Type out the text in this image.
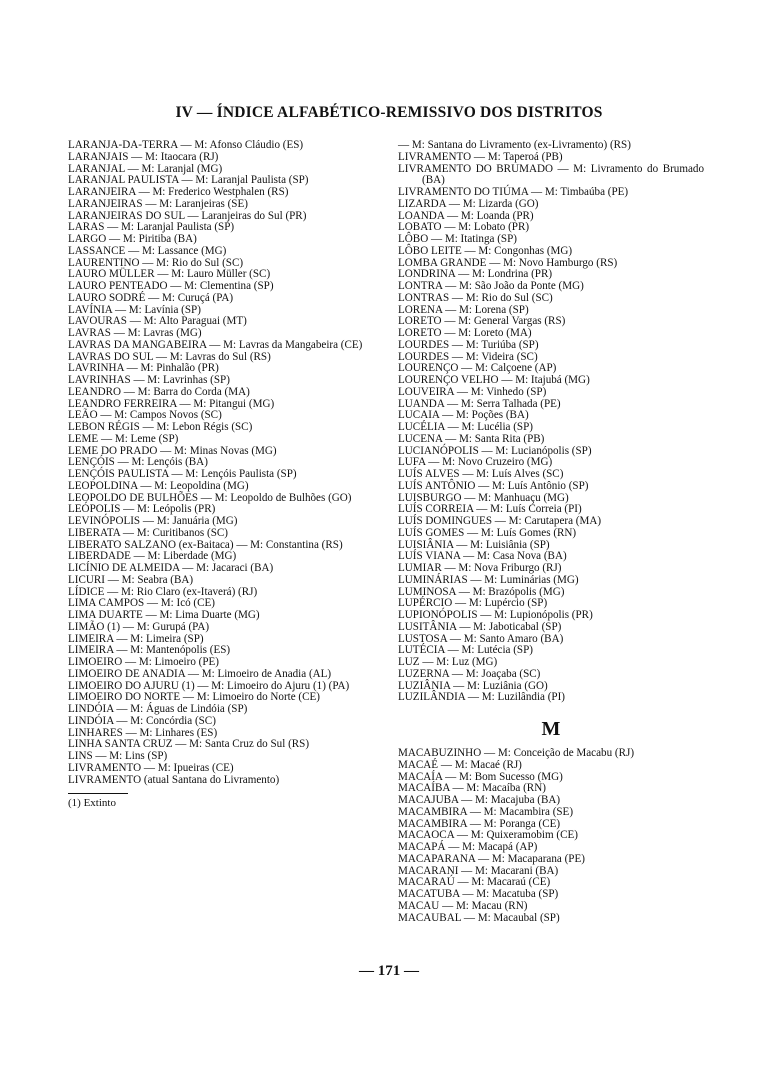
IV — ÍNDICE ALFABÉTICO-REMISSIVO DOS DISTRITOS
LARANJA-DA-TERRA — M: Afonso Cláudio (ES)
LARANJAIS — M: Itaocara (RJ)
LARANJAL — M: Laranjal (MG)
LARANJAL PAULISTA — M: Laranjal Paulista (SP)
LARANJEIRA — M: Frederico Westphalen (RS)
LARANJEIRAS — M: Laranjeiras (SE)
LARANJEIRAS DO SUL — Laranjeiras do Sul (PR)
LARAS — M: Laranjal Paulista (SP)
LARGO — M: Piritiba (BA)
LASSANCE — M: Lassance (MG)
LAURENTINO — M: Rio do Sul (SC)
LAURO MÜLLER — M: Lauro Müller (SC)
LAURO PENTEADO — M: Clementina (SP)
LAURO SODRÉ — M: Curuçá (PA)
LAVÍNIA — M: Lavínia (SP)
LAVOURAS — M: Alto Paraguai (MT)
LAVRAS — M: Lavras (MG)
LAVRAS DA MANGABEIRA — M: Lavras da Mangabeira (CE)
LAVRAS DO SUL — M: Lavras do Sul (RS)
LAVRINHA — M: Pinhalão (PR)
LAVRINHAS — M: Lavrinhas (SP)
LEANDRO — M: Barra do Corda (MA)
LEANDRO FERREIRA — M: Pitangui (MG)
LEÃO — M: Campos Novos (SC)
LEBON RÉGIS — M: Lebon Régis (SC)
LEME — M: Leme (SP)
LEME DO PRADO — M: Minas Novas (MG)
LENÇÓIS — M: Lençóis (BA)
LENÇÓIS PAULISTA — M: Lençóis Paulista (SP)
LEOPOLDINA — M: Leopoldina (MG)
LEOPOLDO DE BULHÕES — M: Leopoldo de Bulhões (GO)
LEÓPOLIS — M: Leópolis (PR)
LEVINÓPOLIS — M: Januária (MG)
LIBERATA — M: Curitibanos (SC)
LIBERATO SALZANO (ex-Baitaca) — M: Constantina (RS)
LIBERDADE — M: Liberdade (MG)
LICÍNIO DE ALMEIDA — M: Jacaraci (BA)
LICURI — M: Seabra (BA)
LÍDICE — M: Rio Claro (ex-Itaverá) (RJ)
LIMA CAMPOS — M: Icó (CE)
LIMA DUARTE — M: Lima Duarte (MG)
LIMÃO (1) — M: Gurupá (PA)
LIMEIRA — M: Limeira (SP)
LIMEIRA — M: Mantenópolis (ES)
LIMOEIRO — M: Limoeiro (PE)
LIMOEIRO DE ANADIA — M: Limoeiro de Anadia (AL)
LIMOEIRO DO AJURU (1) — M: Limoeiro do Ajuru (1) (PA)
LIMOEIRO DO NORTE — M: Limoeiro do Norte (CE)
LINDÓIA — M: Águas de Lindóia (SP)
LINDÓIA — M: Concórdia (SC)
LINHARES — M: Linhares (ES)
LINHA SANTA CRUZ — M: Santa Cruz do Sul (RS)
LINS — M: Lins (SP)
LIVRAMENTO — M: Ipueiras (CE)
LIVRAMENTO (atual Santana do Livramento)
(1) Extinto
— M: Santana do Livramento (ex-Livramento) (RS)
LIVRAMENTO — M: Taperoá (PB)
LIVRAMENTO DO BRUMADO — M: Livramento do Brumado (BA)
LIVRAMENTO DO TIÚMA — M: Timbaúba (PE)
LIZARDA — M: Lizarda (GO)
LOANDA — M: Loanda (PR)
LOBATO — M: Lobato (PR)
LÔBO — M: Itatinga (SP)
LÔBO LEITE — M: Congonhas (MG)
LOMBA GRANDE — M: Novo Hamburgo (RS)
LONDRINA — M: Londrina (PR)
LONTRA — M: São João da Ponte (MG)
LONTRAS — M: Rio do Sul (SC)
LORENA — M: Lorena (SP)
LORETO — M: General Vargas (RS)
LORETO — M: Loreto (MA)
LOURDES — M: Turiúba (SP)
LOURDES — M: Videira (SC)
LOURENÇO — M: Calçoene (AP)
LOURENÇO VELHO — M: Itajubá (MG)
LOUVEIRA — M: Vinhedo (SP)
LUANDA — M: Serra Talhada (PE)
LUCAIA — M: Poções (BA)
LUCÉLIA — M: Lucélia (SP)
LUCENA — M: Santa Rita (PB)
LUCIANÓPOLIS — M: Lucianópolis (SP)
LUFA — M: Novo Cruzeiro (MG)
LUÍS ALVES — M: Luís Alves (SC)
LUÍS ANTÔNIO — M: Luís Antônio (SP)
LUISBURGO — M: Manhuaçu (MG)
LUÍS CORREIA — M: Luís Correia (PI)
LUÍS DOMINGUES — M: Carutapera (MA)
LUÍS GOMES — M: Luís Gomes (RN)
LUISIÂNIA — M: Luisiânia (SP)
LUÍS VIANA — M: Casa Nova (BA)
LUMIAR — M: Nova Friburgo (RJ)
LUMINÁRIAS — M: Luminárias (MG)
LUMINOSA — M: Brazópolis (MG)
LUPÉRCIO — M: Lupércio (SP)
LUPIONÓPOLIS — M: Lupionópolis (PR)
LUSITÂNIA — M: Jaboticabal (SP)
LUSTOSA — M: Santo Amaro (BA)
LUTÉCIA — M: Lutécia (SP)
LUZ — M: Luz (MG)
LUZERNA — M: Joaçaba (SC)
LUZIÂNIA — M: Luziânia (GO)
LUZILÂNDIA — M: Luzilândia (PI)
M
MACABUZINHO — M: Conceição de Macabu (RJ)
MACAÉ — M: Macaé (RJ)
MACAÍA — M: Bom Sucesso (MG)
MACAÍBA — M: Macaíba (RN)
MACAJUBA — M: Macajuba (BA)
MACAMBIRA — M: Macambira (SE)
MACAMBIRA — M: Poranga (CE)
MACAOCA — M: Quixeramobim (CE)
MACAPÁ — M: Macapá (AP)
MACAPARANA — M: Macaparana (PE)
MACARANI — M: Macarani (BA)
MACARAÚ — M: Macaraú (CE)
MACATUBA — M: Macatuba (SP)
MACAU — M: Macau (RN)
MACAUBAL — M: Macaubal (SP)
— 171 —
